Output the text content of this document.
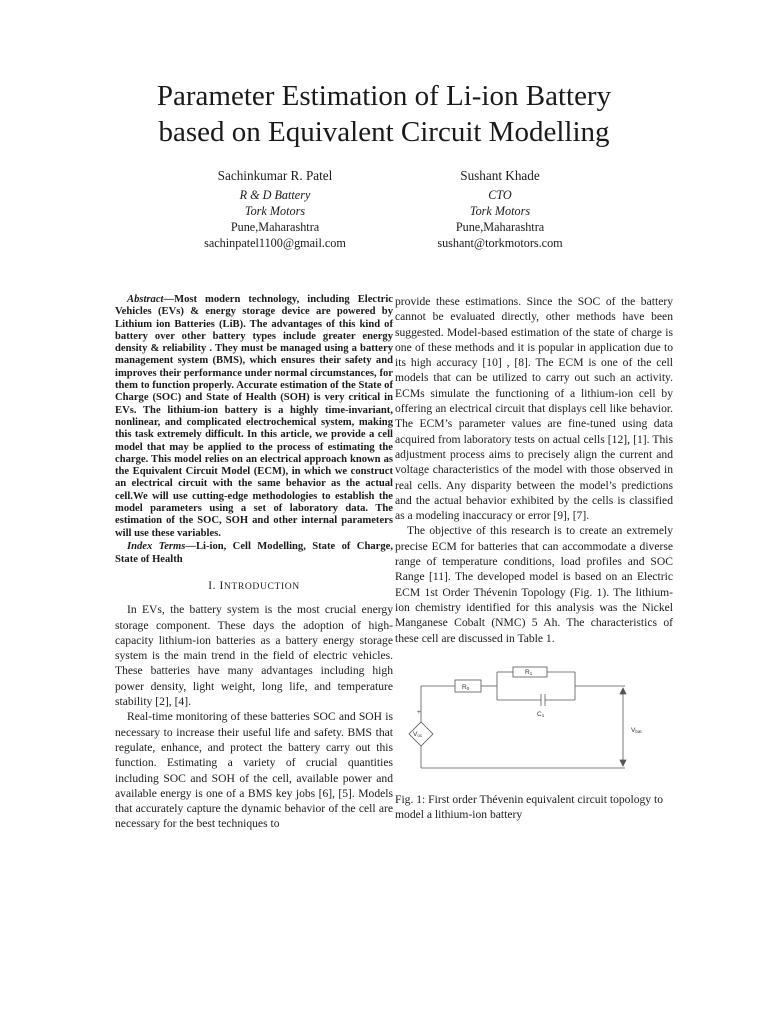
Parameter Estimation of Li-ion Battery
based on Equivalent Circuit Modelling
Sachinkumar R. Patel
R & D Battery
Tork Motors
Pune,Maharashtra
sachinpatel1100@gmail.com
Sushant Khade
CTO
Tork Motors
Pune,Maharashtra
sushant@torkmotors.com

Abstract—Most modern technology, including Electric Vehicles (EVs) & energy storage device are powered by Lithium ion Batteries (LiB). The advantages of this kind of battery over other battery types include greater energy density & reliability . They must be managed using a battery management system (BMS), which ensures their safety and improves their performance under normal circumstances, for them to function properly. Accurate estimation of the State of Charge (SOC) and State of Health (SOH) is very critical in EVs. The lithium-ion battery is a highly time-invariant, nonlinear, and complicated electrochemical system, making this task extremely difficult. In this article, we provide a cell model that may be applied to the process of estimating the charge. This model relies on an electrical approach known as the Equivalent Circuit Model (ECM), in which we construct an electrical circuit with the same behavior as the actual cell.We will use cutting-edge methodologies to establish the model parameters using a set of laboratory data. The estimation of the SOC, SOH and other internal parameters will use these variables.

Index Terms—Li-ion, Cell Modelling, State of Charge, State of Health

I. INTRODUCTION

In EVs, the battery system is the most crucial energy storage component. These days the adoption of high-capacity lithium-ion batteries as a battery energy storage system is the main trend in the field of electric vehicles. These batteries have many advantages including high power density, light weight, long life, and temperature stability [2], [4].

Real-time monitoring of these batteries SOC and SOH is necessary to increase their useful life and safety. BMS that regulate, enhance, and protect the battery carry out this function. Estimating a variety of crucial quantities including SOC and SOH of the cell, available power and available energy is one of a BMS key jobs [6], [5]. Models that accurately capture the dynamic behavior of the cell are necessary for the best techniques to

provide these estimations. Since the SOC of the battery cannot be evaluated directly, other methods have been suggested. Model-based estimation of the state of charge is one of these methods and it is popular in application due to its high accuracy [10] , [8]. The ECM is one of the cell models that can be utilized to carry out such an activity. ECMs simulate the functioning of a lithium-ion cell by offering an electrical circuit that displays cell like behavior. The ECM’s parameter values are fine-tuned using data acquired from laboratory tests on actual cells [12], [1]. This adjustment process aims to precisely align the current and voltage characteristics of the model with those observed in real cells. Any disparity between the model’s predictions and the actual behavior exhibited by the cells is classified as a modeling inaccuracy or error [9], [7].

The objective of this research is to create an extremely precise ECM for batteries that can accommodate a diverse range of temperature conditions, load profiles and SOC Range [11]. The developed model is based on an Electric ECM 1st Order Thévenin Topology (Fig. 1). The lithium-ion chemistry identified for this analysis was the Nickel Manganese Cobalt (NMC) 5 Ah. The characteristics of these cell are discussed in Table 1.

R0
R1
C1
Voc
Vbat
+

Fig. 1: First order Thévenin equivalent circuit topology to model a lithium-ion battery
